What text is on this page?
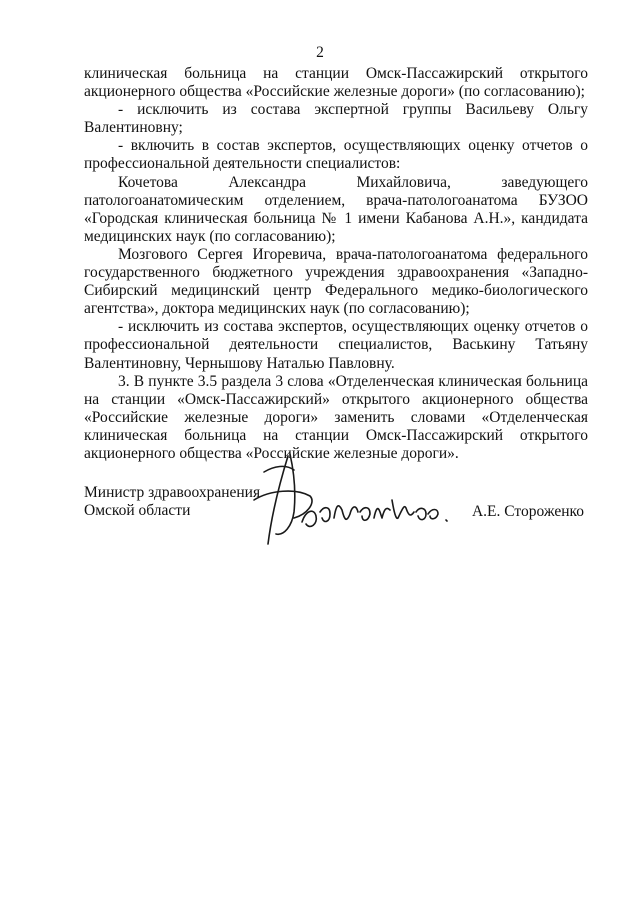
2

клиническая больница на станции Омск-Пассажирский открытого акционерного общества «Российские железные дороги» (по согласованию);

- исключить из состава экспертной группы Васильеву Ольгу Валентиновну;

- включить в состав экспертов, осуществляющих оценку отчетов о профессиональной деятельности специалистов:

Кочетова Александра Михайловича, заведующего патологоанатомическим отделением, врача-патологоанатома БУЗОО «Городская клиническая больница № 1 имени Кабанова А.Н.», кандидата медицинских наук (по согласованию);

Мозгового Сергея Игоревича, врача-патологоанатома федерального государственного бюджетного учреждения здравоохранения «Западно-Сибирский медицинский центр Федерального медико-биологического агентства», доктора медицинских наук (по согласованию);

- исключить из состава экспертов, осуществляющих оценку отчетов о профессиональной деятельности специалистов, Васькину Татьяну Валентиновну, Чернышову Наталью Павловну.

3. В пункте 3.5 раздела 3 слова «Отделенческая клиническая больница на станции «Омск-Пассажирский» открытого акционерного общества «Российские железные дороги» заменить словами «Отделенческая клиническая больница на станции Омск-Пассажирский открытого акционерного общества «Российские железные дороги».

Министр здравоохранения
Омской области	А.Е. Стороженко
